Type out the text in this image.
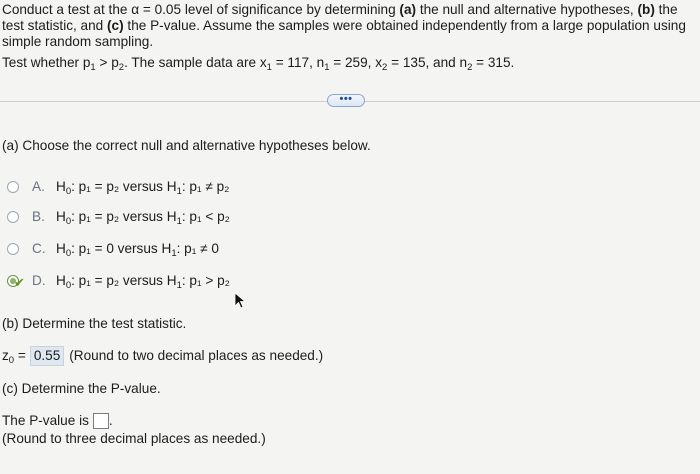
Conduct a test at the α = 0.05 level of significance by determining (a) the null and alternative hypotheses, (b) the test statistic, and (c) the P-value. Assume the samples were obtained independently from a large population using simple random sampling.

Test whether $p_1 > p_2$. The sample data are $x_1 = 117$, $n_1 = 259$, $x_2 = 135$, and $n_2 = 315$.

•••
(a) Choose the correct null and alternative hypotheses below.
A. $H_0$: p₁ = p₂ versus $H_1$: p₁ ≠ p₂
B. $H_0$: p₁ = p₂ versus $H_1$: p₁ < p₂
C. $H_0$: p₁ = 0 versus $H_1$: p₁ ≠ 0
✔ D. $H_0$: p₁ = p₂ versus $H_1$: p₁ > p₂
(b) Determine the test statistic.
$z_0 = 0.55$ (Round to two decimal places as needed.)
(c) Determine the P-value.
The P-value is .
(Round to three decimal places as needed.)
